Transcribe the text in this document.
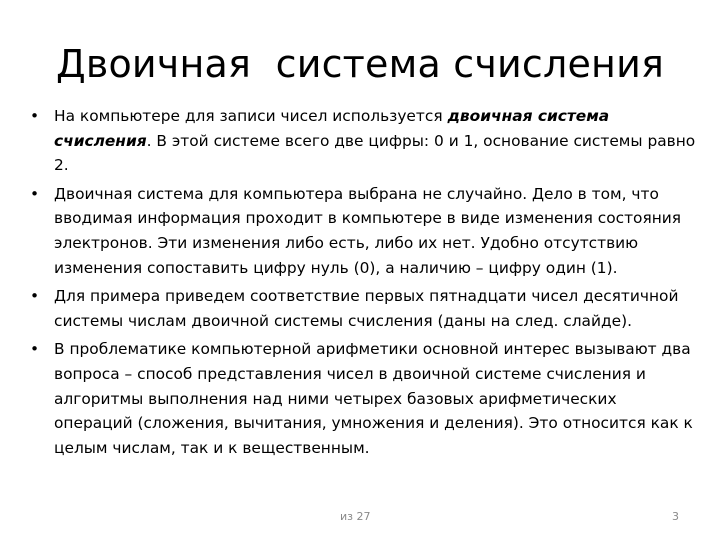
Двоичная  система счисления
• На компьютере для записи чисел используется двоичная система счисления. В этой системе всего две цифры: 0 и 1, основание системы равно 2.
• Двоичная система для компьютера выбрана не случайно. Дело в том, что вводимая информация проходит в компьютере в виде изменения состояния электронов. Эти изменения либо есть, либо их нет. Удобно отсутствию изменения сопоставить цифру нуль (0), а наличию – цифру один (1).
• Для примера приведем соответствие первых пятнадцати чисел десятичной системы числам двоичной системы счисления (даны на след. слайде).
• В проблематике компьютерной арифметики основной интерес вызывают два вопроса – способ представления чисел в двоичной системе счисления и алгоритмы выполнения над ними четырех базовых арифметических операций (сложения, вычитания, умножения и деления). Это относится как к целым числам, так и к вещественным.
из 27	3
